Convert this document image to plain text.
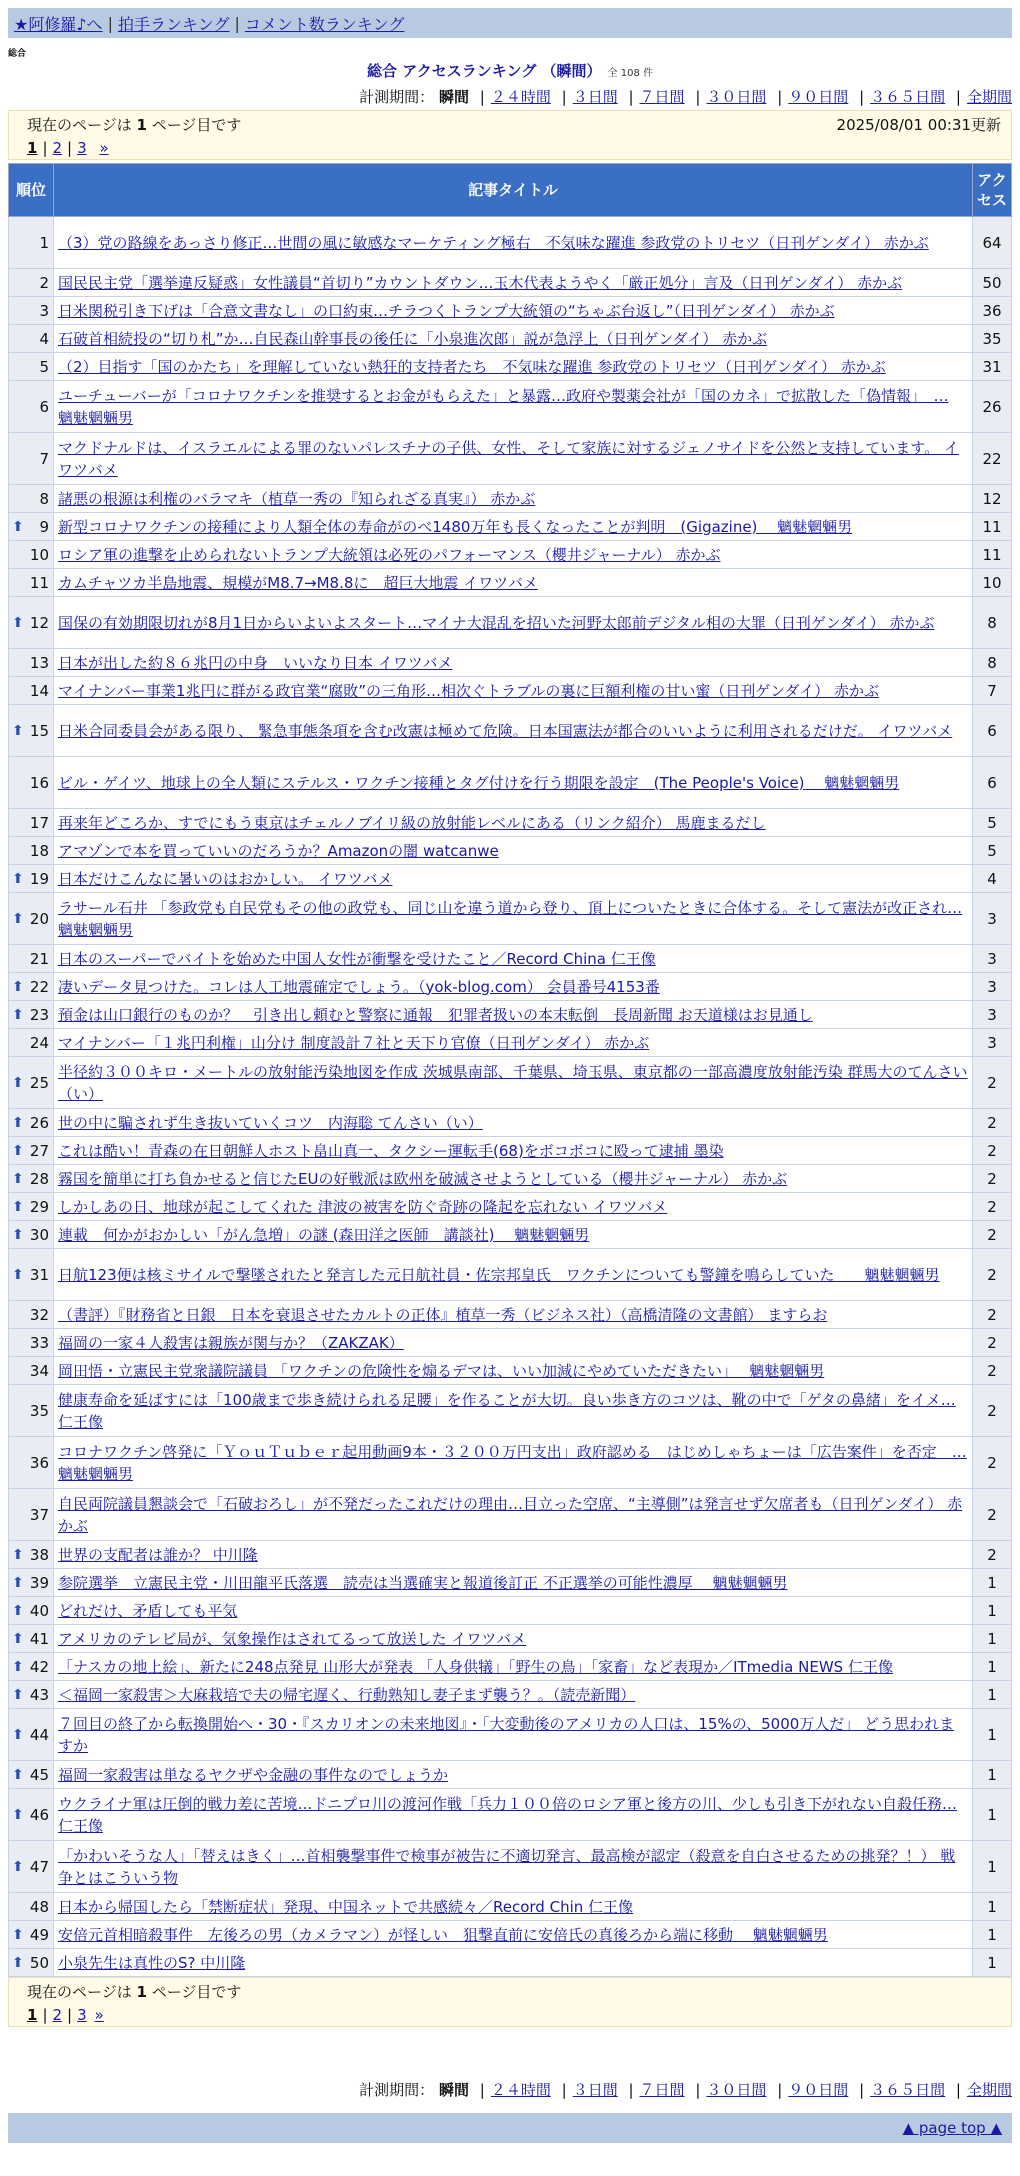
★阿修羅♪へ | 拍手ランキング | コメント数ランキング
総合
総合 アクセスランキング （瞬間） 全 108 件
計測期間： 瞬間 | ２４時間 | ３日間 | ７日間 | ３０日間 | ９０日間 | ３６５日間 | 全期間
現在のページは 1 ページ目です	2025/08/01 00:31更新
1 | 2 | 3 »
順位	記事タイトル	アクセス
1	（3）党の路線をあっさり修正…世間の風に敏感なマーケティング極右　不気味な躍進 参政党のトリセツ（日刊ゲンダイ） 赤かぶ	64
2	国民民主党「選挙違反疑惑」女性議員“首切り”カウントダウン…玉木代表ようやく「厳正処分」言及（日刊ゲンダイ） 赤かぶ	50
3	日米関税引き下げは「合意文書なし」の口約束…チラつくトランプ大統領の“ちゃぶ台返し”（日刊ゲンダイ） 赤かぶ	36
4	石破首相続投の“切り札”か…自民森山幹事長の後任に「小泉進次郎」説が急浮上（日刊ゲンダイ） 赤かぶ	35
5	（2）目指す「国のかたち」を理解していない熱狂的支持者たち　不気味な躍進 参政党のトリセツ（日刊ゲンダイ） 赤かぶ	31
6	ユーチューバーが「コロナワクチンを推奨するとお金がもらえた」と暴露…政府や製薬会社が「国のカネ」で拡散した「偽情報」　… 魑魅魍魎男	26
7	マクドナルドは、イスラエルによる罪のないパレスチナの子供、女性、そして家族に対するジェノサイドを公然と支持しています。 イワツバメ	22
8	諸悪の根源は利権のバラマキ（植草一秀の『知られざる真実』） 赤かぶ	12

⬆ 9	新型コロナワクチンの接種により人類全体の寿命がのべ1480万年も長くなったことが判明　(Gigazine)　 魑魅魍魎男	11
10	ロシア軍の進撃を止められないトランプ大統領は必死のパフォーマンス（櫻井ジャーナル） 赤かぶ	11
11	カムチャツカ半島地震、規模がM8.7→M8.8に　超巨大地震 イワツバメ	10

⬆ 12	国保の有効期限切れが8月1日からいよいよスタート…マイナ大混乱を招いた河野太郎前デジタル相の大罪（日刊ゲンダイ） 赤かぶ	8
13	日本が出した約８６兆円の中身　いいなり日本 イワツバメ	8
14	マイナンバー事業1兆円に群がる政官業“腐敗”の三角形…相次ぐトラブルの裏に巨額利権の甘い蜜（日刊ゲンダイ） 赤かぶ	7

⬆ 15	日米合同委員会がある限り、 緊急事態条項を含む改憲は極めて危険。日本国憲法が都合のいいように利用されるだけだ。 イワツバメ	6
16	ビル・ゲイツ、地球上の全人類にステルス・ワクチン接種とタグ付けを行う期限を設定　(The People's Voice)　 魑魅魍魎男	6
17	再来年どころか、すでにもう東京はチェルノブイリ級の放射能レベルにある（リンク紹介） 馬鹿まるだし	5
18	アマゾンで本を買っていいのだろうか？Amazonの闇 watcanwe	5

⬆ 19	日本だけこんなに暑いのはおかしい。 イワツバメ	4

⬆ 20	ラサール石井 「参政党も自民党もその他の政党も、同じ山を違う道から登り、頂上についたときに合体する。そして憲法が改正され… 魑魅魍魎男	3
21	日本のスーパーでバイトを始めた中国人女性が衝撃を受けたこと／Record China 仁王像	3

⬆ 22	凄いデータ見つけた。コレは人工地震確定でしょう。（yok-blog.com） 会員番号4153番	3

⬆ 23	預金は山口銀行のものか？　引き出し頼むと警察に通報　犯罪者扱いの本末転倒　長周新聞 お天道様はお見通し	3
24	マイナンバー「１兆円利権」山分け 制度設計７社と天下り官僚（日刊ゲンダイ） 赤かぶ	3

⬆ 25	半径約３００キロ・メートルの放射能汚染地図を作成 茨城県南部、千葉県、埼玉県、東京都の一部高濃度放射能汚染 群馬大のてんさい（い）	2

⬆ 26	世の中に騙されず生き抜いていくコツ　内海聡 てんさい（い）	2

⬆ 27	これは酷い！青森の在日朝鮮人ホスト畠山真一、タクシー運転手(68)をボコボコに殴って逮捕 墨染	2

⬆ 28	霧国を簡単に打ち負かせると信じたEUの好戦派は欧州を破滅させようとしている（櫻井ジャーナル） 赤かぶ	2

⬆ 29	しかしあの日、地球が起こしてくれた 津波の被害を防ぐ奇跡の隆起を忘れない イワツバメ	2

⬆ 30	連載　何かがおかしい「がん急増」の謎 (森田洋之医師　講談社)　 魑魅魍魎男	2

⬆ 31	日航123便は核ミサイルで撃墜されたと発言した元日航社員・佐宗邦皇氏　ワクチンについても警鐘を鳴らしていた　　魑魅魍魎男	2
32	（書評）『財務省と日銀　日本を衰退させたカルトの正体』植草一秀（ビジネス社）（高橋清隆の文書館） ますらお	2
33	福岡の一家４人殺害は親族が関与か？（ZAKZAK）	2
34	岡田悟・立憲民主党衆議院議員 「ワクチンの危険性を煽るデマは、いい加減にやめていただきたい」　 魑魅魍魎男	2
35	健康寿命を延ばすには「100歳まで歩き続けられる足腰」を作ることが大切。良い歩き方のコツは、靴の中で「ゲタの鼻緒」をイメ… 仁王像	2
36	コロナワクチン啓発に「ＹｏｕＴｕｂｅｒ起用動画9本・３２００万円支出」政府認める　はじめしゃちょーは「広告案件」を否定　… 魑魅魍魎男	2
37	自民両院議員懇談会で「石破おろし」が不発だったこれだけの理由…目立った空席、“主導側”は発言せず欠席者も（日刊ゲンダイ） 赤かぶ	2

⬆ 38	世界の支配者は誰か？ 中川隆	2

⬆ 39	参院選挙　立憲民主党・川田龍平氏落選　読売は当選確実と報道後訂正 不正選挙の可能性濃厚　 魑魅魍魎男	1

⬆ 40	どれだけ、矛盾しても平気	1

⬆ 41	アメリカのテレビ局が、気象操作はされてるって放送した イワツバメ	1

⬆ 42	「ナスカの地上絵」、新たに248点発見 山形大が発表 「人身供犠」「野生の鳥」「家畜」など表現か／ITmedia NEWS 仁王像	1

⬆ 43	＜福岡一家殺害＞大麻栽培で夫の帰宅遅く、行動熟知し妻子まず襲う？。（読売新聞）	1

⬆ 44	７回目の終了から転換開始へ・30・『スカリオンの未来地図』・「大変動後のアメリカの人口は、15%の、5000万人だ」 どう思われますか	1

⬆ 45	福岡一家殺害は単なるヤクザや金融の事件なのでしょうか	1

⬆ 46	ウクライナ軍は圧倒的戦力差に苦境…ドニプロ川の渡河作戦「兵力１００倍のロシア軍と後方の川、少しも引き下がれない自殺任務… 仁王像	1

⬆ 47	「かわいそうな人」「替えはきく」…首相襲撃事件で検事が被告に不適切発言、最高検が認定（殺意を自白させるための挑発？！） 戦争とはこういう物	1
48	日本から帰国したら「禁断症状」発現、中国ネットで共感続々／Record Chin 仁王像	1

⬆ 49	安倍元首相暗殺事件　左後ろの男（カメラマン）が怪しい　狙撃直前に安倍氏の真後ろから端に移動　 魑魅魍魎男	1

⬆ 50	小泉先生は真性のS? 中川隆	1
計測期間： 瞬間 | ２４時間 | ３日間 | ７日間 | ３０日間 | ９０日間 | ３６５日間 | 全期間
▲ page top ▲
現在のページは 1 ページ目です
1 | 2 | 3 »
